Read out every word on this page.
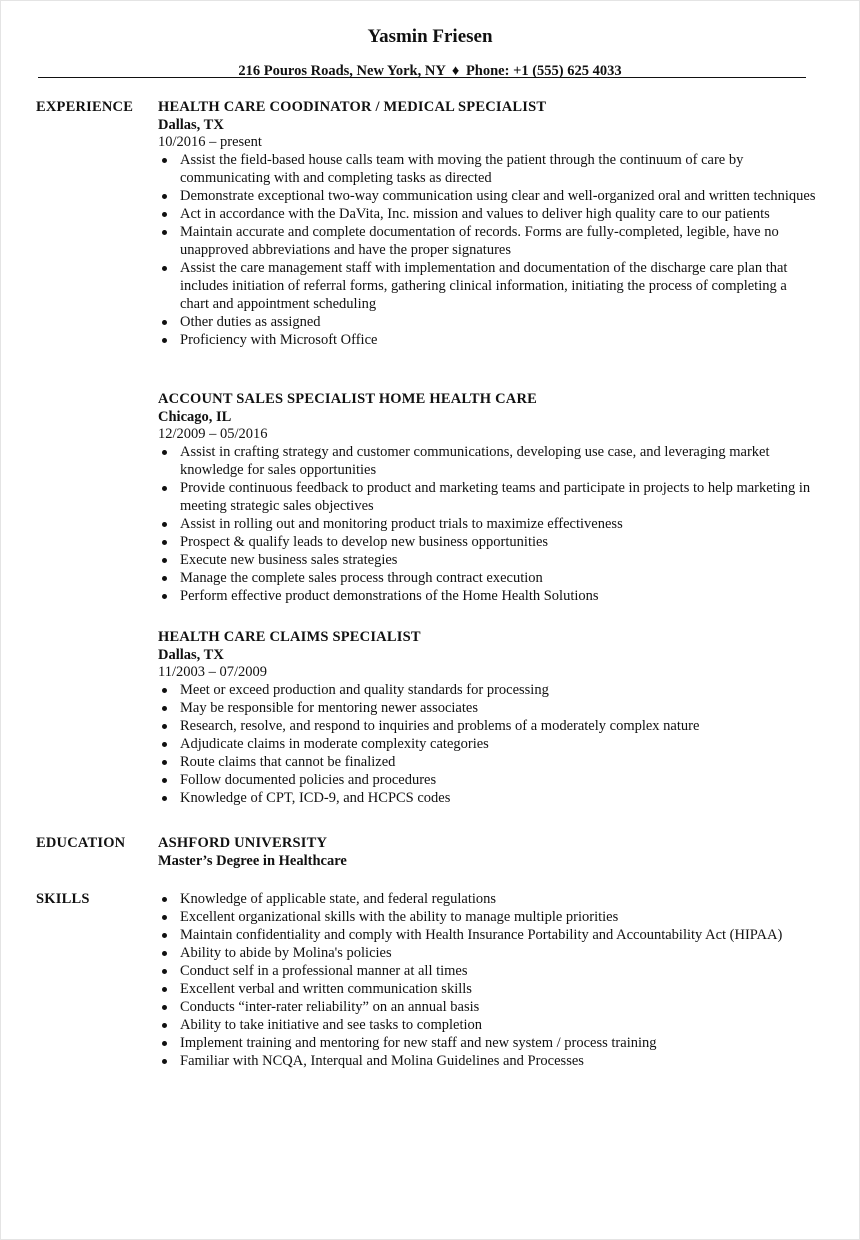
Yasmin Friesen
216 Pouros Roads, New York, NY ♦ Phone: +1 (555) 625 4033
EXPERIENCE HEALTH CARE COODINATOR / MEDICAL SPECIALIST
Dallas, TX
10/2016 – present
Assist the field-based house calls team with moving the patient through the continuum of care by communicating with and completing tasks as directed
Demonstrate exceptional two-way communication using clear and well-organized oral and written techniques
Act in accordance with the DaVita, Inc. mission and values to deliver high quality care to our patients
Maintain accurate and complete documentation of records. Forms are fully-completed, legible, have no unapproved abbreviations and have the proper signatures
Assist the care management staff with implementation and documentation of the discharge care plan that includes initiation of referral forms, gathering clinical information, initiating the process of completing a chart and appointment scheduling
Other duties as assigned
Proficiency with Microsoft Office
ACCOUNT SALES SPECIALIST HOME HEALTH CARE
Chicago, IL
12/2009 – 05/2016
Assist in crafting strategy and customer communications, developing use case, and leveraging market knowledge for sales opportunities
Provide continuous feedback to product and marketing teams and participate in projects to help marketing in meeting strategic sales objectives
Assist in rolling out and monitoring product trials to maximize effectiveness
Prospect & qualify leads to develop new business opportunities
Execute new business sales strategies
Manage the complete sales process through contract execution
Perform effective product demonstrations of the Home Health Solutions
HEALTH CARE CLAIMS SPECIALIST
Dallas, TX
11/2003 – 07/2009
Meet or exceed production and quality standards for processing
May be responsible for mentoring newer associates
Research, resolve, and respond to inquiries and problems of a moderately complex nature
Adjudicate claims in moderate complexity categories
Route claims that cannot be finalized
Follow documented policies and procedures
Knowledge of CPT, ICD-9, and HCPCS codes
EDUCATION ASHFORD UNIVERSITY
Master’s Degree in Healthcare
SKILLS	Knowledge of applicable state, and federal regulations
Excellent organizational skills with the ability to manage multiple priorities
Maintain confidentiality and comply with Health Insurance Portability and Accountability Act (HIPAA)
Ability to abide by Molina's policies
Conduct self in a professional manner at all times
Excellent verbal and written communication skills
Conducts “inter-rater reliability” on an annual basis
Ability to take initiative and see tasks to completion
Implement training and mentoring for new staff and new system / process training
Familiar with NCQA, Interqual and Molina Guidelines and Processes
